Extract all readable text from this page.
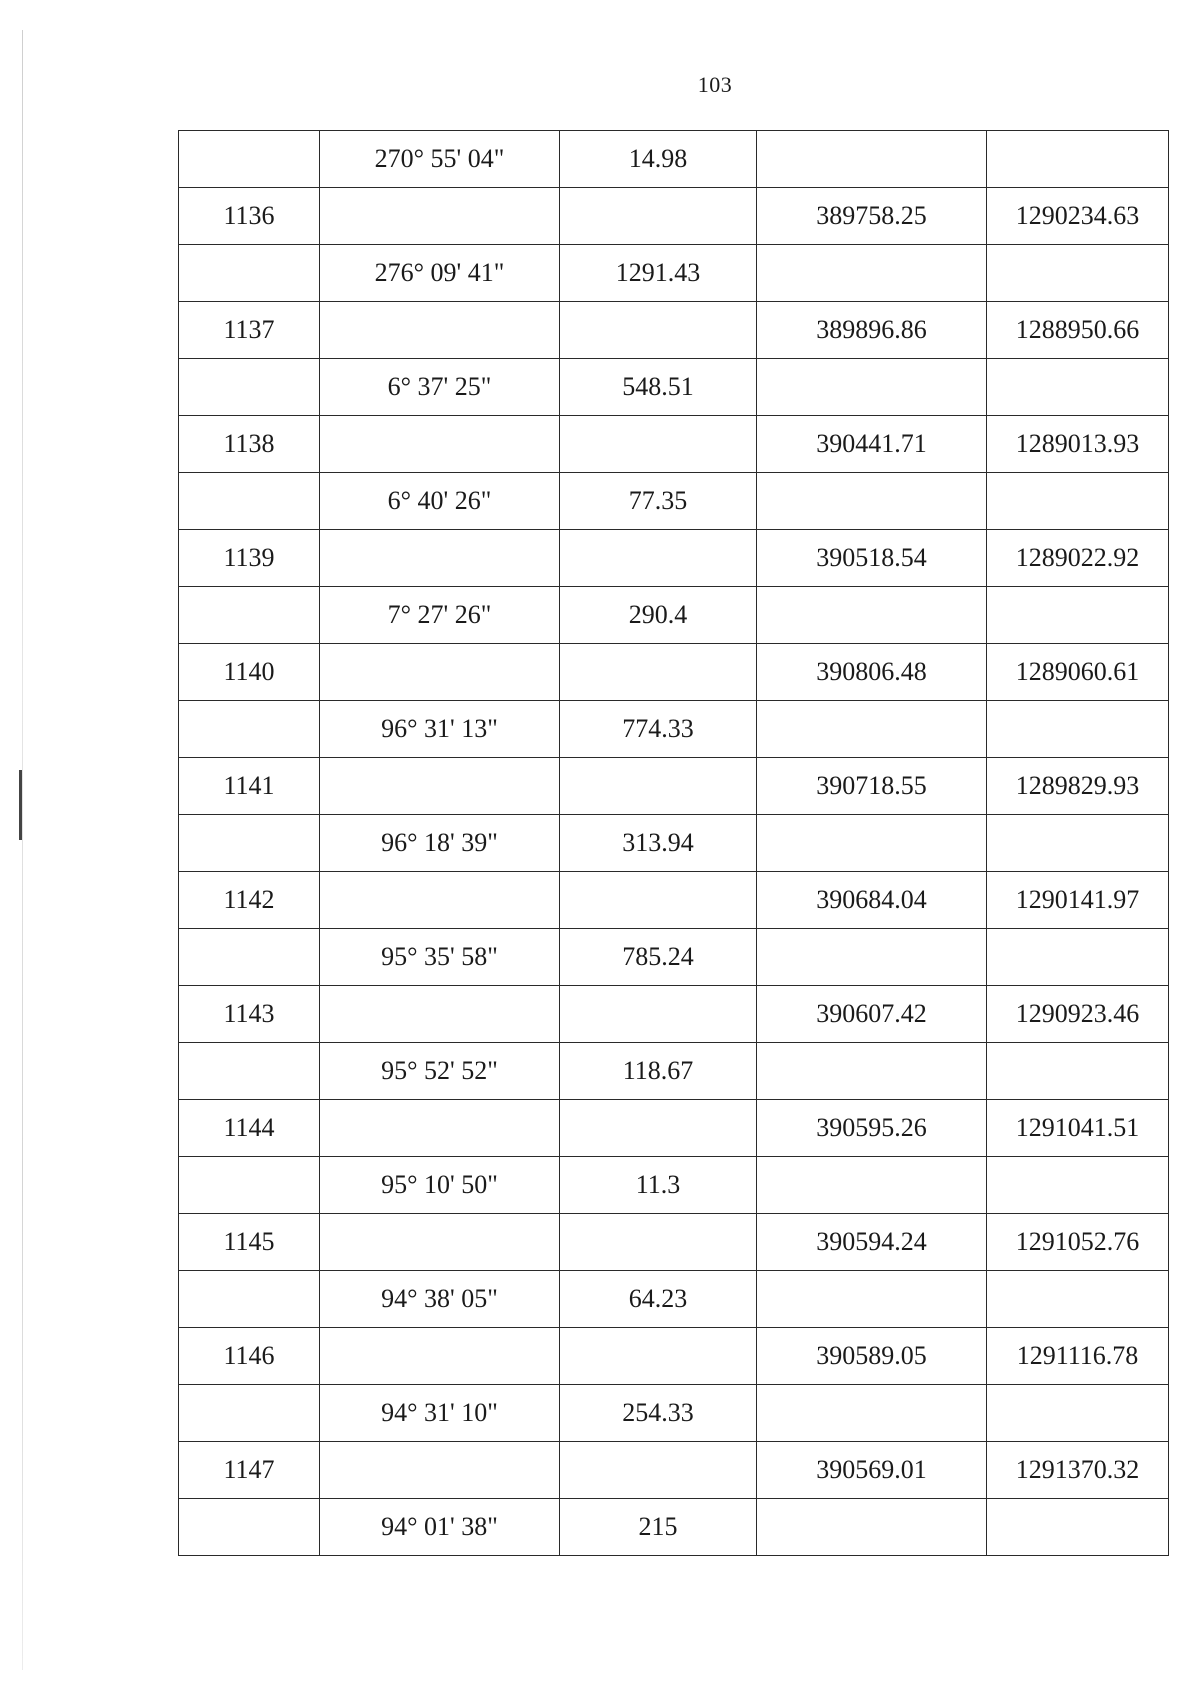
103
	270° 55' 04"	14.98		
1136			389758.25	1290234.63
	276° 09' 41"	1291.43		
1137			389896.86	1288950.66
	6° 37' 25"	548.51		
1138			390441.71	1289013.93
	6° 40' 26"	77.35		
1139			390518.54	1289022.92
	7° 27' 26"	290.4		
1140			390806.48	1289060.61
	96° 31' 13"	774.33		
1141			390718.55	1289829.93
	96° 18' 39"	313.94		
1142			390684.04	1290141.97
	95° 35' 58"	785.24		
1143			390607.42	1290923.46
	95° 52' 52"	118.67		
1144			390595.26	1291041.51
	95° 10' 50"	11.3		
1145			390594.24	1291052.76
	94° 38' 05"	64.23		
1146			390589.05	1291116.78
	94° 31' 10"	254.33		
1147			390569.01	1291370.32
	94° 01' 38"	215		
